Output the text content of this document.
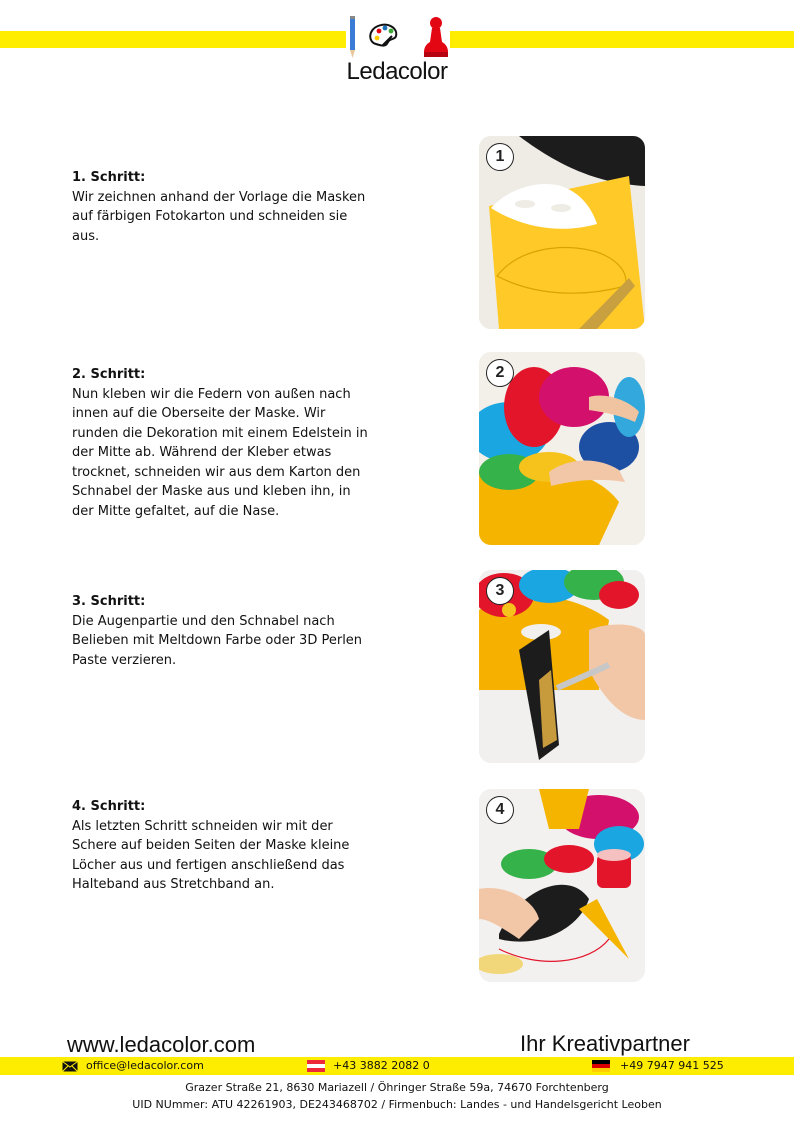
Ledacolor
1. Schritt:
Wir zeichnen anhand der Vorlage die Masken auf färbigen Fotokarton und schneiden sie aus.
2. Schritt:
Nun kleben wir die Federn von außen nach innen auf die Oberseite der Maske. Wir runden die Dekoration mit einem Edelstein in der Mitte ab. Während der Kleber etwas trocknet, schneiden wir aus dem Karton den Schnabel der Maske aus und kleben ihn, in der Mitte gefaltet, auf die Nase.
3. Schritt:
Die Augenpartie und den Schnabel nach Belieben mit Meltdown Farbe oder 3D Perlen Paste verzieren.
4. Schritt:
Als letzten Schritt schneiden wir mit der Schere auf beiden Seiten der Maske kleine Löcher aus und fertigen anschließend das Halteband aus Stretchband an.
1
2
3
4
www.ledacolor.com	Ihr Kreativpartner
office@ledacolor.com	+43 3882 2082 0	+49 7947 941 525
Grazer Straße 21, 8630 Mariazell / Öhringer Straße 59a, 74670 Forchtenberg
UID NUmmer: ATU 42261903, DE243468702 / Firmenbuch: Landes - und Handelsgericht Leoben
